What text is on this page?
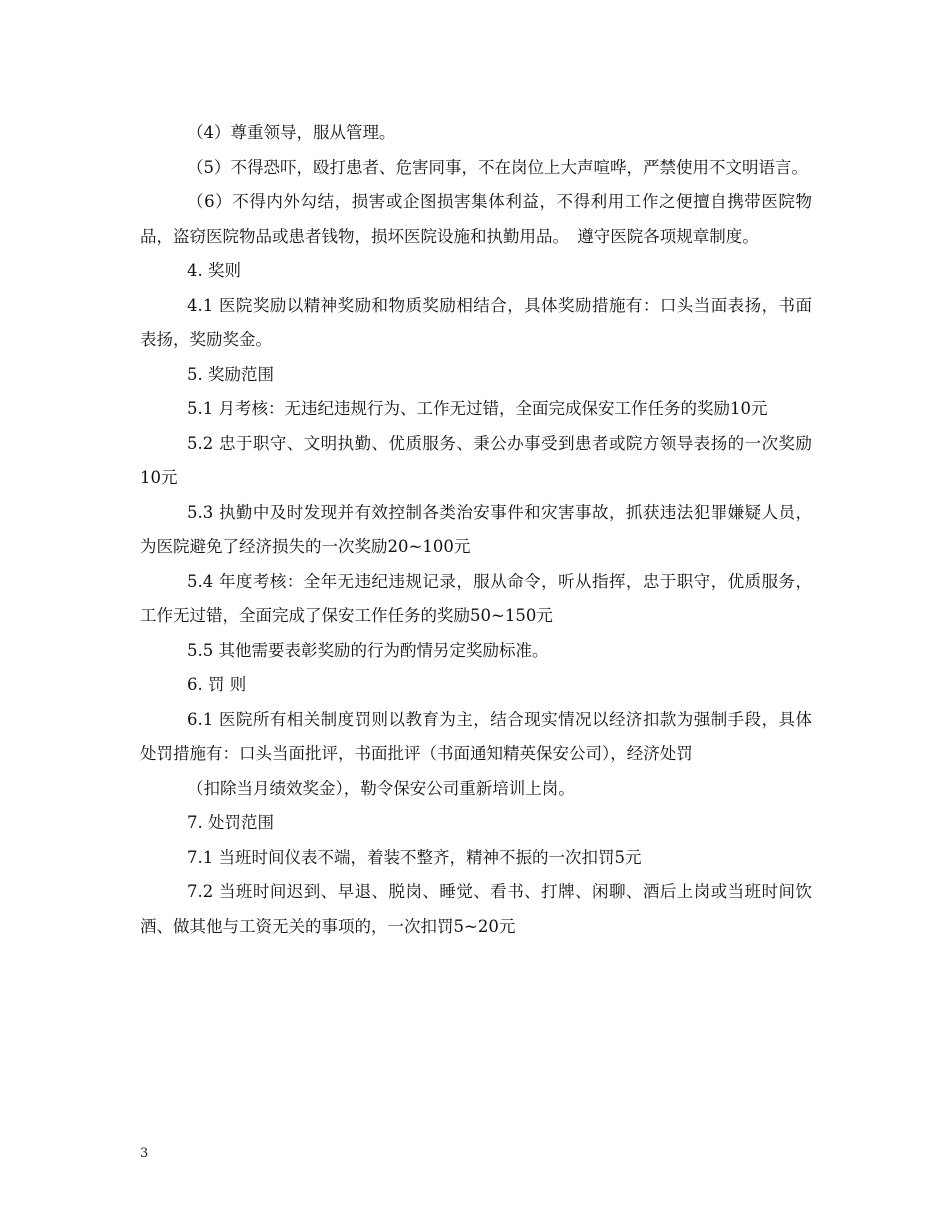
（4）尊重领导，服从管理。

（5）不得恐吓，殴打患者、危害同事，不在岗位上大声喧哗，严禁使用不文明语言。

（6）不得内外勾结，损害或企图损害集体利益，不得利用工作之便擅自携带医院物品，盗窃医院物品或患者钱物，损坏医院设施和执勤用品。　遵守医院各项规章制度。

4. 奖则

4.1 医院奖励以精神奖励和物质奖励相结合，具体奖励措施有：口头当面表扬，书面表扬，奖励奖金。

5. 奖励范围

5.1 月考核：无违纪违规行为、工作无过错，全面完成保安工作任务的奖励10元

5.2 忠于职守、文明执勤、优质服务、秉公办事受到患者或院方领导表扬的一次奖励10元

5.3 执勤中及时发现并有效控制各类治安事件和灾害事故，抓获违法犯罪嫌疑人员，为医院避免了经济损失的一次奖励20~100元

5.4 年度考核：全年无违纪违规记录，服从命令，听从指挥，忠于职守，优质服务，工作无过错，全面完成了保安工作任务的奖励50~150元

5.5 其他需要表彰奖励的行为酌情另定奖励标准。

6. 罚 则

6.1 医院所有相关制度罚则以教育为主，结合现实情况以经济扣款为强制手段，具体处罚措施有：口头当面批评，书面批评（书面通知精英保安公司），经济处罚

（扣除当月绩效奖金），勒令保安公司重新培训上岗。

7. 处罚范围

7.1 当班时间仪表不端，着装不整齐，精神不振的一次扣罚5元

7.2 当班时间迟到、早退、脱岗、睡觉、看书、打牌、闲聊、酒后上岗或当班时间饮酒、做其他与工资无关的事项的，一次扣罚5~20元

3
